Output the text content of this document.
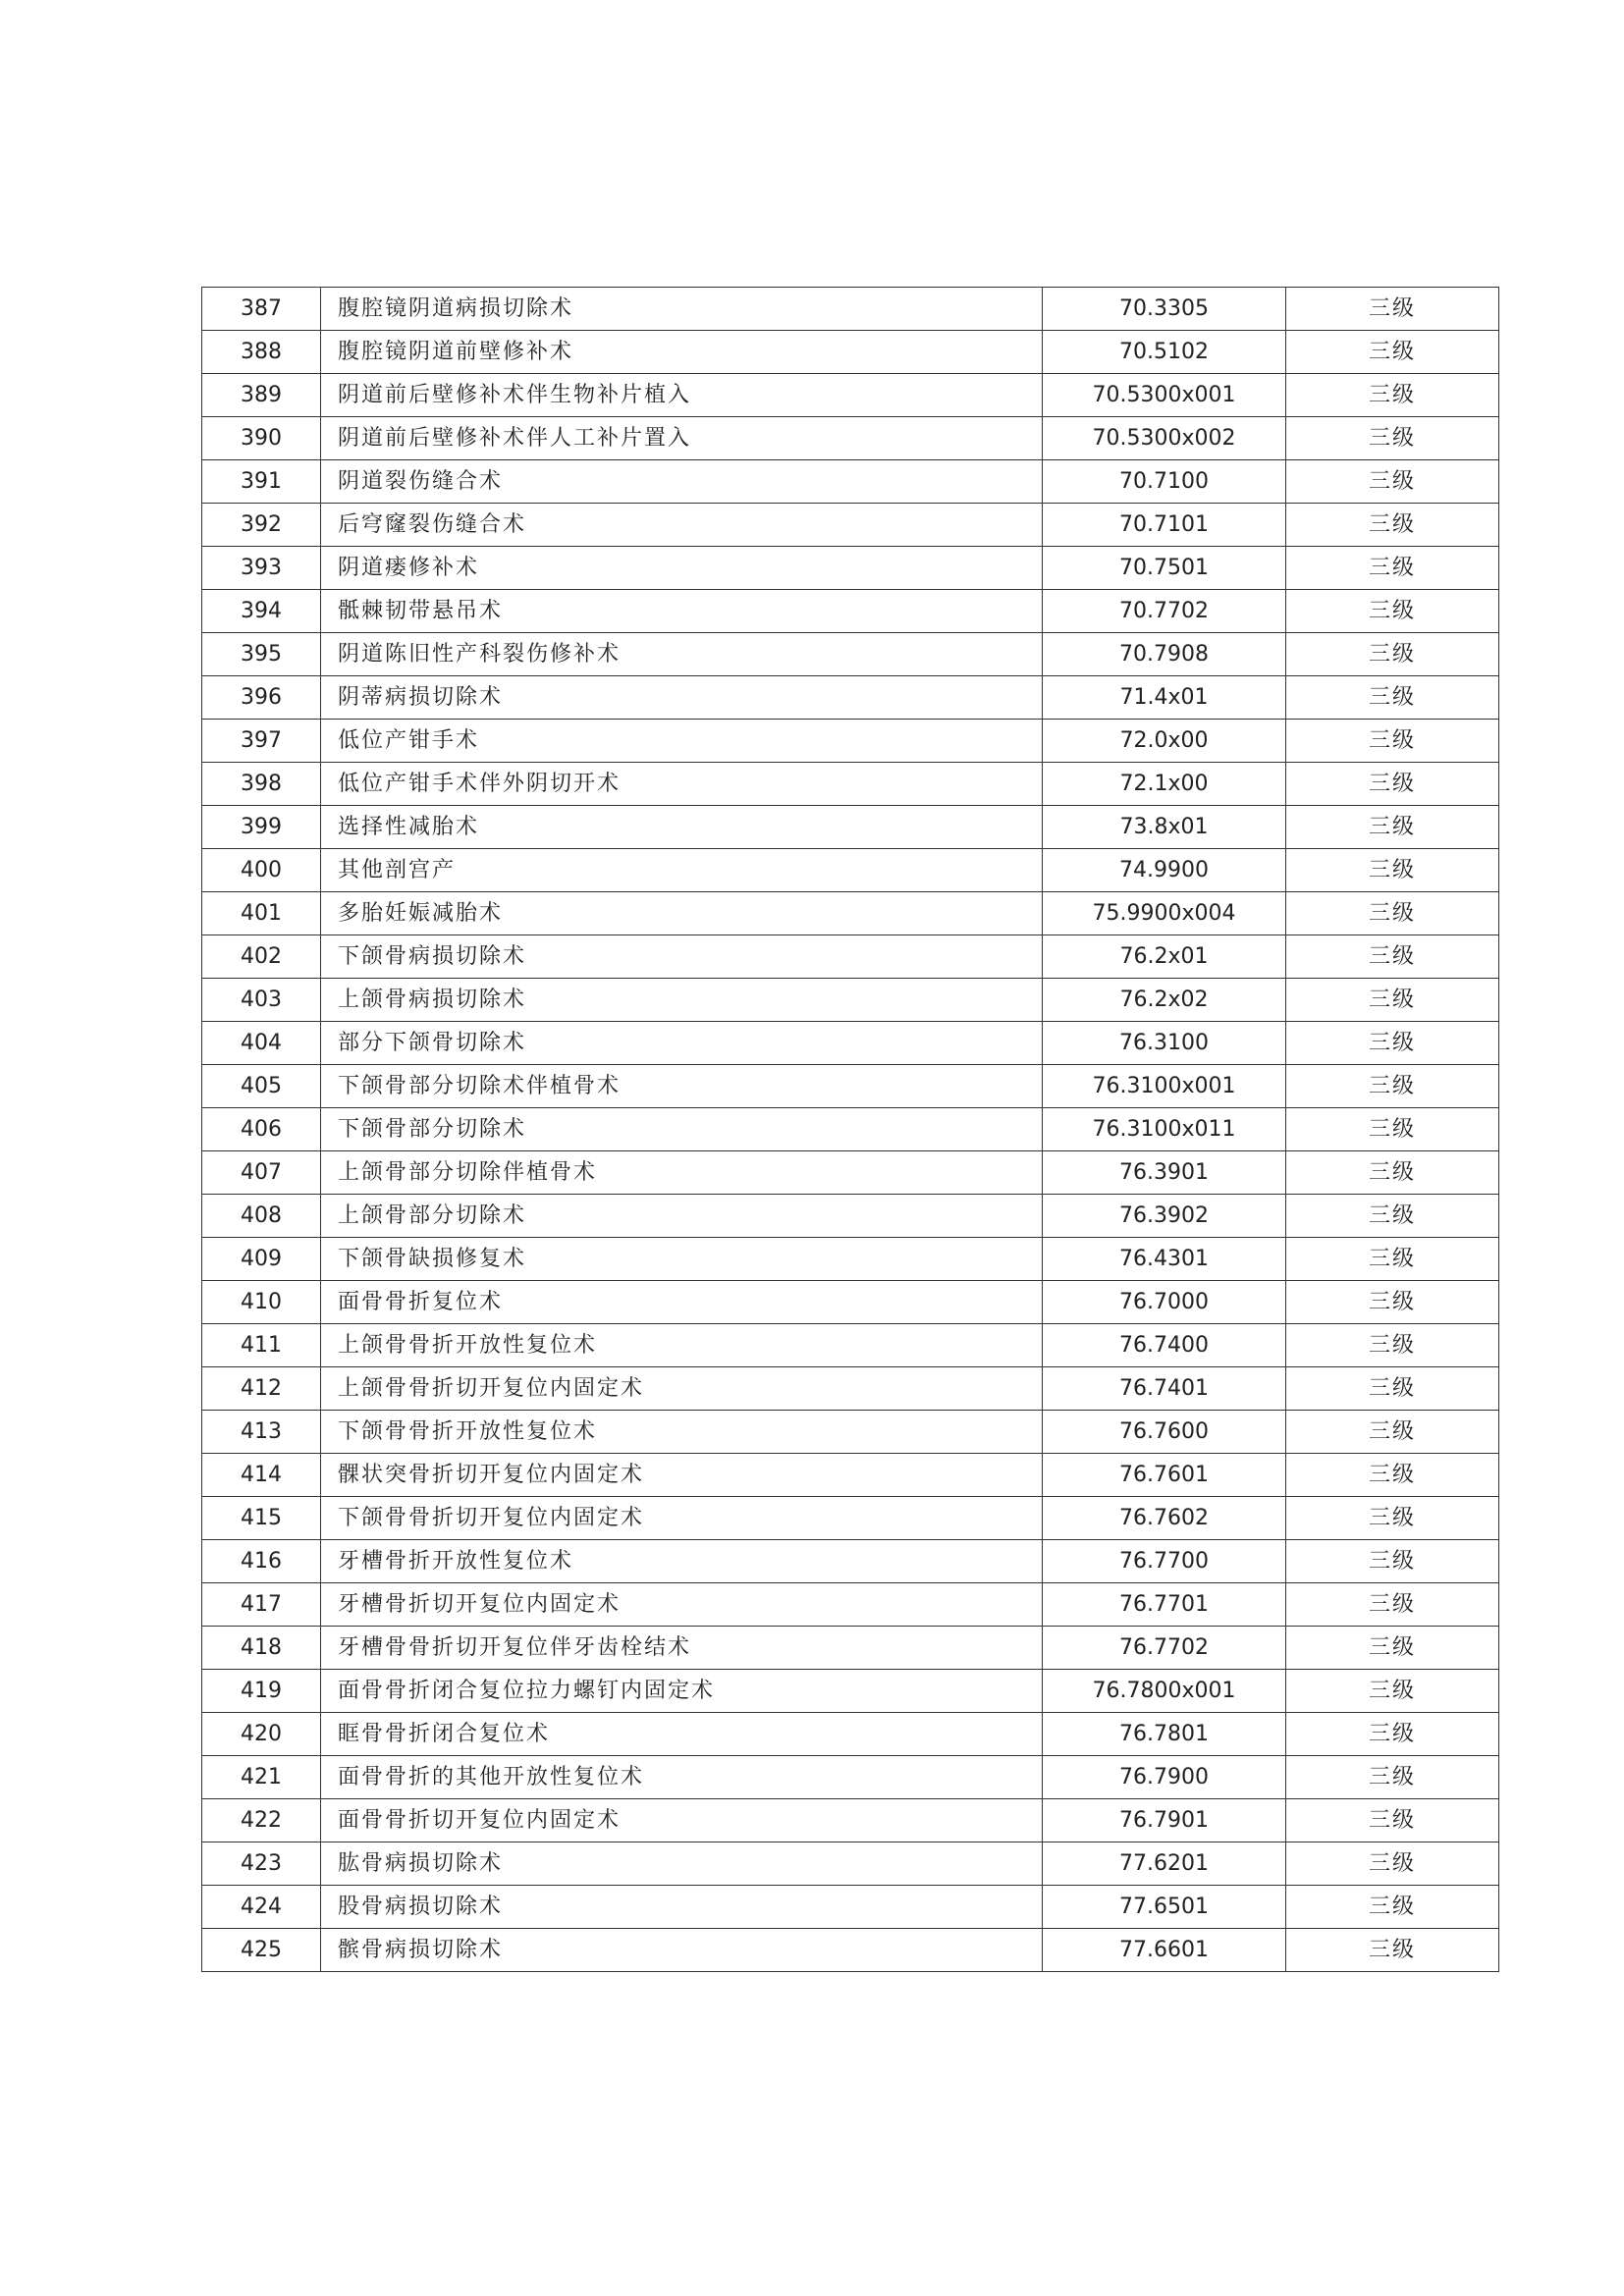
387	腹腔镜阴道病损切除术	70.3305	三级
388	腹腔镜阴道前壁修补术	70.5102	三级
389	阴道前后壁修补术伴生物补片植入	70.5300x001	三级
390	阴道前后壁修补术伴人工补片置入	70.5300x002	三级
391	阴道裂伤缝合术	70.7100	三级
392	后穹窿裂伤缝合术	70.7101	三级
393	阴道瘘修补术	70.7501	三级
394	骶棘韧带悬吊术	70.7702	三级
395	阴道陈旧性产科裂伤修补术	70.7908	三级
396	阴蒂病损切除术	71.4x01	三级
397	低位产钳手术	72.0x00	三级
398	低位产钳手术伴外阴切开术	72.1x00	三级
399	选择性减胎术	73.8x01	三级
400	其他剖宫产	74.9900	三级
401	多胎妊娠减胎术	75.9900x004	三级
402	下颌骨病损切除术	76.2x01	三级
403	上颌骨病损切除术	76.2x02	三级
404	部分下颌骨切除术	76.3100	三级
405	下颌骨部分切除术伴植骨术	76.3100x001	三级
406	下颌骨部分切除术	76.3100x011	三级
407	上颌骨部分切除伴植骨术	76.3901	三级
408	上颌骨部分切除术	76.3902	三级
409	下颌骨缺损修复术	76.4301	三级
410	面骨骨折复位术	76.7000	三级
411	上颌骨骨折开放性复位术	76.7400	三级
412	上颌骨骨折切开复位内固定术	76.7401	三级
413	下颌骨骨折开放性复位术	76.7600	三级
414	髁状突骨折切开复位内固定术	76.7601	三级
415	下颌骨骨折切开复位内固定术	76.7602	三级
416	牙槽骨折开放性复位术	76.7700	三级
417	牙槽骨折切开复位内固定术	76.7701	三级
418	牙槽骨骨折切开复位伴牙齿栓结术	76.7702	三级
419	面骨骨折闭合复位拉力螺钉内固定术	76.7800x001	三级
420	眶骨骨折闭合复位术	76.7801	三级
421	面骨骨折的其他开放性复位术	76.7900	三级
422	面骨骨折切开复位内固定术	76.7901	三级
423	肱骨病损切除术	77.6201	三级
424	股骨病损切除术	77.6501	三级
425	髌骨病损切除术	77.6601	三级
